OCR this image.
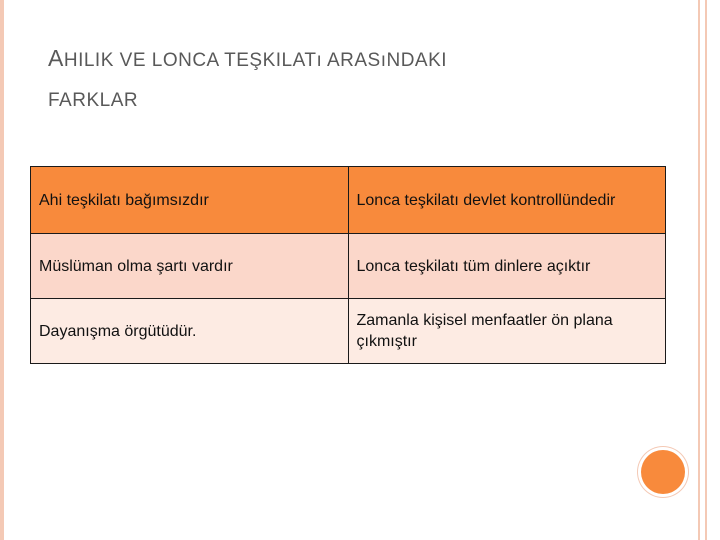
AHILIK VE LONCA TEŞKILATı ARASıNDAKI
FARKLAR
Ahi teşkilatı bağımsızdır	Lonca teşkilatı devlet kontrollündedir
Müslüman olma şartı vardır	Lonca teşkilatı tüm dinlere açıktır
Dayanışma örgütüdür.	Zamanla kişisel menfaatler ön plana çıkmıştır
